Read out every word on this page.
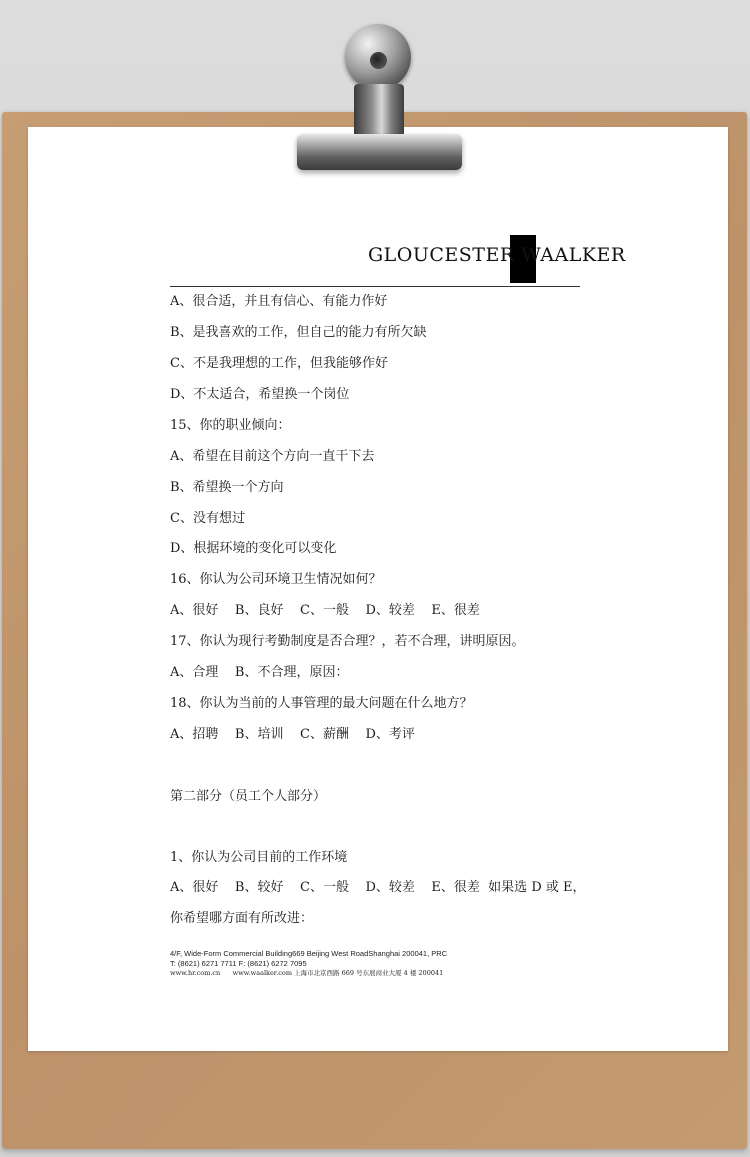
GLOUCESTER WAALKER
A、很合适，并且有信心、有能力作好
B、是我喜欢的工作，但自己的能力有所欠缺
C、不是我理想的工作，但我能够作好
D、不太适合，希望换一个岗位
15、你的职业倾向：
A、希望在目前这个方向一直干下去
B、希望换一个方向
C、没有想过
D、根据环境的变化可以变化
16、你认为公司环境卫生情况如何？
A、很好    B、良好    C、一般    D、较差    E、很差
17、你认为现行考勤制度是否合理？，若不合理，讲明原因。
A、合理    B、不合理，原因：
18、你认为当前的人事管理的最大问题在什么地方？
A、招聘    B、培训    C、薪酬    D、考评
第二部分（员工个人部分）
1、你认为公司目前的工作环境
A、很好    B、较好    C、一般    D、较差    E、很差  如果选 D 或 E，
你希望哪方面有所改进：
4/F, Wide-Form Commercial Building669 Beijing West RoadShanghai 200041, PRC
T: (8621) 6271 7711 F: (8621) 6272 7095
www.hr.com.cn      www.waalker.com 上海市北京西路 669 号东展商业大厦 4 楼 200041
